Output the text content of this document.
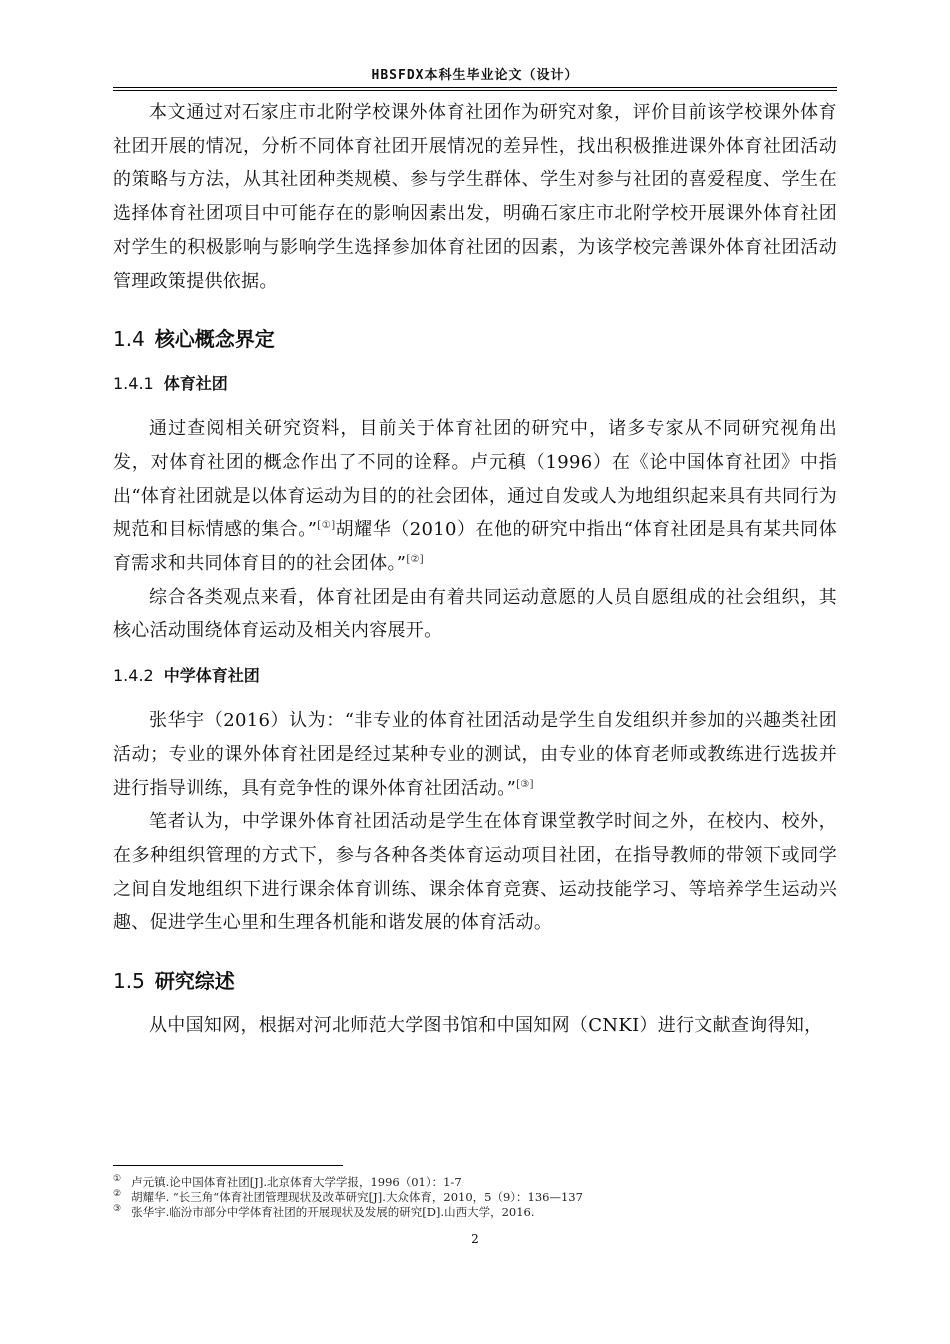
HBSFDX本科生毕业论文（设计）

本文通过对石家庄市北附学校课外体育社团作为研究对象，评价目前该学校课外体育社团开展的情况，分析不同体育社团开展情况的差异性，找出积极推进课外体育社团活动的策略与方法，从其社团种类规模、参与学生群体、学生对参与社团的喜爱程度、学生在选择体育社团项目中可能存在的影响因素出发，明确石家庄市北附学校开展课外体育社团对学生的积极影响与影响学生选择参加体育社团的因素，为该学校完善课外体育社团活动管理政策提供依据。

1.4 核心概念界定
1.4.1 体育社团

通过查阅相关研究资料，目前关于体育社团的研究中，诸多专家从不同研究视角出发，对体育社团的概念作出了不同的诠释。卢元稹（1996）在《论中国体育社团》中指出“体育社团就是以体育运动为目的的社会团体，通过自发或人为地组织起来具有共同行为规范和目标情感的集合。”[①]胡耀华（2010）在他的研究中指出“体育社团是具有某共同体育需求和共同体育目的的社会团体。”[②]

综合各类观点来看，体育社团是由有着共同运动意愿的人员自愿组成的社会组织，其核心活动围绕体育运动及相关内容展开。

1.4.2 中学体育社团

张华宇（2016）认为：“非专业的体育社团活动是学生自发组织并参加的兴趣类社团活动；专业的课外体育社团是经过某种专业的测试，由专业的体育老师或教练进行选拔并进行指导训练，具有竞争性的课外体育社团活动。”[③]

笔者认为，中学课外体育社团活动是学生在体育课堂教学时间之外，在校内、校外，在多种组织管理的方式下，参与各种各类体育运动项目社团，在指导教师的带领下或同学之间自发地组织下进行课余体育训练、课余体育竞赛、运动技能学习、等培养学生运动兴趣、促进学生心里和生理各机能和谐发展的体育活动。

1.5 研究综述

从中国知网，根据对河北师范大学图书馆和中国知网（CNKI）进行文献查询得知，

① 卢元镇.论中国体育社团[J].北京体育大学学报，1996（01）：1-7
② 胡耀华. “长三角“体育社团管理现状及改革研究[J].大众体育，2010，5（9）：136—137
③ 张华宇.临汾市部分中学体育社团的开展现状及发展的研究[D].山西大学，2016.
2
